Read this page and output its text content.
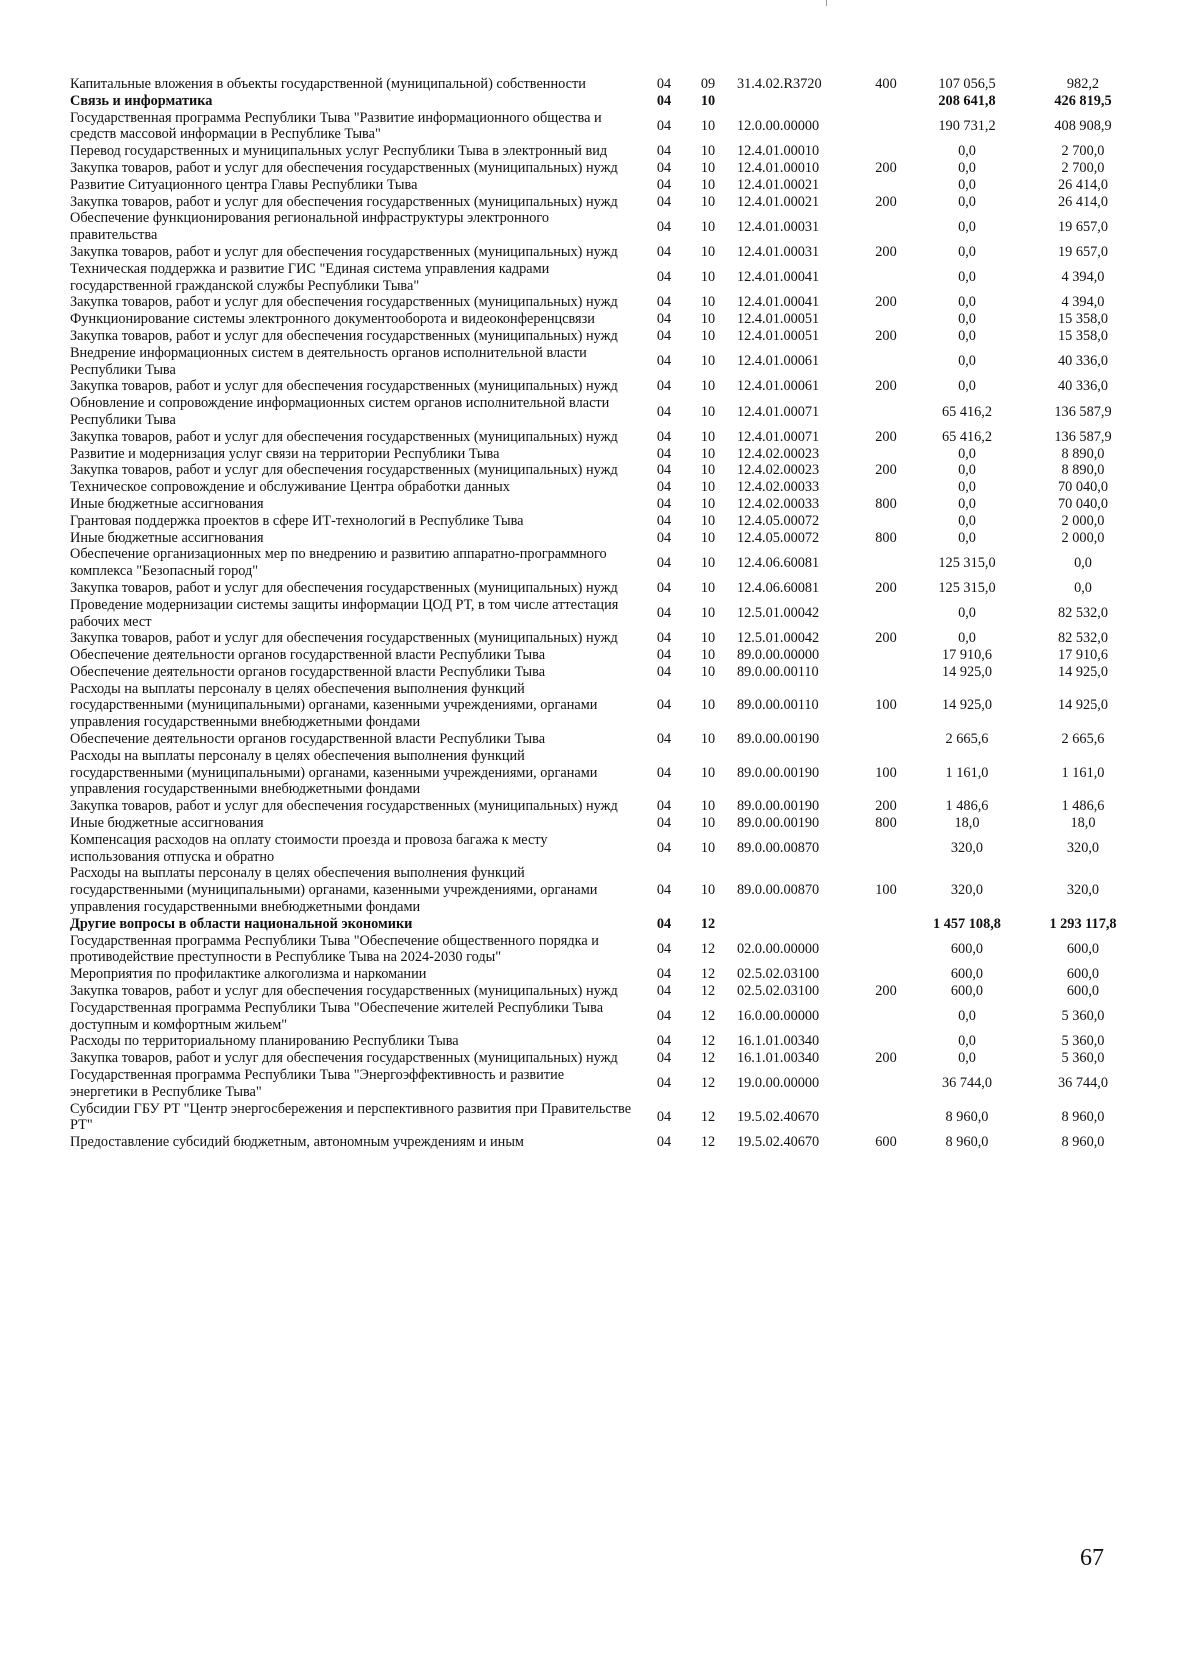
Капитальные вложения в объекты государственной (муниципальной) собственности	04	09	31.4.02.R3720	400	107 056,5	982,2
Связь и информатика	04	10			208 641,8	426 819,5
Государственная программа Республики Тыва "Развитие информационного общества и средств массовой информации в Республике Тыва"	04	10	12.0.00.00000		190 731,2	408 908,9
Перевод государственных и муниципальных услуг Республики Тыва в электронный вид	04	10	12.4.01.00010		0,0	2 700,0
Закупка товаров, работ и услуг для обеспечения государственных (муниципальных) нужд	04	10	12.4.01.00010	200	0,0	2 700,0
Развитие Ситуационного центра Главы Республики Тыва	04	10	12.4.01.00021		0,0	26 414,0
Закупка товаров, работ и услуг для обеспечения государственных (муниципальных) нужд	04	10	12.4.01.00021	200	0,0	26 414,0
Обеспечение функционирования региональной инфраструктуры электронного правительства	04	10	12.4.01.00031		0,0	19 657,0
Закупка товаров, работ и услуг для обеспечения государственных (муниципальных) нужд	04	10	12.4.01.00031	200	0,0	19 657,0
Техническая поддержка и развитие ГИС "Единая система управления кадрами государственной гражданской службы Республики Тыва"	04	10	12.4.01.00041		0,0	4 394,0
Закупка товаров, работ и услуг для обеспечения государственных (муниципальных) нужд	04	10	12.4.01.00041	200	0,0	4 394,0
Функционирование системы электронного документооборота и видеоконференцсвязи	04	10	12.4.01.00051		0,0	15 358,0
Закупка товаров, работ и услуг для обеспечения государственных (муниципальных) нужд	04	10	12.4.01.00051	200	0,0	15 358,0
Внедрение информационных систем в деятельность органов исполнительной власти Республики Тыва	04	10	12.4.01.00061		0,0	40 336,0
Закупка товаров, работ и услуг для обеспечения государственных (муниципальных) нужд	04	10	12.4.01.00061	200	0,0	40 336,0
Обновление и сопровождение информационных систем органов исполнительной власти Республики Тыва	04	10	12.4.01.00071		65 416,2	136 587,9
Закупка товаров, работ и услуг для обеспечения государственных (муниципальных) нужд	04	10	12.4.01.00071	200	65 416,2	136 587,9
Развитие и модернизация услуг связи на территории Республики Тыва	04	10	12.4.02.00023		0,0	8 890,0
Закупка товаров, работ и услуг для обеспечения государственных (муниципальных) нужд	04	10	12.4.02.00023	200	0,0	8 890,0
Техническое сопровождение и обслуживание Центра обработки данных	04	10	12.4.02.00033		0,0	70 040,0
Иные бюджетные ассигнования	04	10	12.4.02.00033	800	0,0	70 040,0
Грантовая поддержка проектов в сфере ИТ-технологий в Республике Тыва	04	10	12.4.05.00072		0,0	2 000,0
Иные бюджетные ассигнования	04	10	12.4.05.00072	800	0,0	2 000,0
Обеспечение организационных мер по внедрению и развитию аппаратно-программного комплекса "Безопасный город"	04	10	12.4.06.60081		125 315,0	0,0
Закупка товаров, работ и услуг для обеспечения государственных (муниципальных) нужд	04	10	12.4.06.60081	200	125 315,0	0,0
Проведение модернизации системы защиты информации ЦОД РТ, в том числе аттестация рабочих мест	04	10	12.5.01.00042		0,0	82 532,0
Закупка товаров, работ и услуг для обеспечения государственных (муниципальных) нужд	04	10	12.5.01.00042	200	0,0	82 532,0
Обеспечение деятельности органов государственной власти Республики Тыва	04	10	89.0.00.00000		17 910,6	17 910,6
Обеспечение деятельности органов государственной власти Республики Тыва	04	10	89.0.00.00110		14 925,0	14 925,0
Расходы на выплаты персоналу в целях обеспечения выполнения функций государственными (муниципальными) органами, казенными учреждениями, органами управления государственными внебюджетными фондами	04	10	89.0.00.00110	100	14 925,0	14 925,0
Обеспечение деятельности органов государственной власти Республики Тыва	04	10	89.0.00.00190		2 665,6	2 665,6
Расходы на выплаты персоналу в целях обеспечения выполнения функций государственными (муниципальными) органами, казенными учреждениями, органами управления государственными внебюджетными фондами	04	10	89.0.00.00190	100	1 161,0	1 161,0
Закупка товаров, работ и услуг для обеспечения государственных (муниципальных) нужд	04	10	89.0.00.00190	200	1 486,6	1 486,6
Иные бюджетные ассигнования	04	10	89.0.00.00190	800	18,0	18,0
Компенсация расходов на оплату стоимости проезда и провоза багажа к месту использования отпуска и обратно	04	10	89.0.00.00870		320,0	320,0
Расходы на выплаты персоналу в целях обеспечения выполнения функций государственными (муниципальными) органами, казенными учреждениями, органами управления государственными внебюджетными фондами	04	10	89.0.00.00870	100	320,0	320,0
Другие вопросы в области национальной экономики	04	12			1 457 108,8	1 293 117,8
Государственная программа Республики Тыва "Обеспечение общественного порядка и противодействие преступности в Республике Тыва на 2024-2030 годы"	04	12	02.0.00.00000		600,0	600,0
Мероприятия по профилактике алкоголизма и наркомании	04	12	02.5.02.03100		600,0	600,0
Закупка товаров, работ и услуг для обеспечения государственных (муниципальных) нужд	04	12	02.5.02.03100	200	600,0	600,0
Государственная программа Республики Тыва "Обеспечение жителей Республики Тыва доступным и комфортным жильем"	04	12	16.0.00.00000		0,0	5 360,0
Расходы по территориальному планированию Республики Тыва	04	12	16.1.01.00340		0,0	5 360,0
Закупка товаров, работ и услуг для обеспечения государственных (муниципальных) нужд	04	12	16.1.01.00340	200	0,0	5 360,0
Государственная программа Республики Тыва "Энергоэффективность и развитие энергетики в Республике Тыва"	04	12	19.0.00.00000		36 744,0	36 744,0
Субсидии ГБУ РТ "Центр энергосбережения и перспективного развития при Правительстве РТ"	04	12	19.5.02.40670		8 960,0	8 960,0
Предоставление субсидий бюджетным, автономным учреждениям и иным	04	12	19.5.02.40670	600	8 960,0	8 960,0
67
